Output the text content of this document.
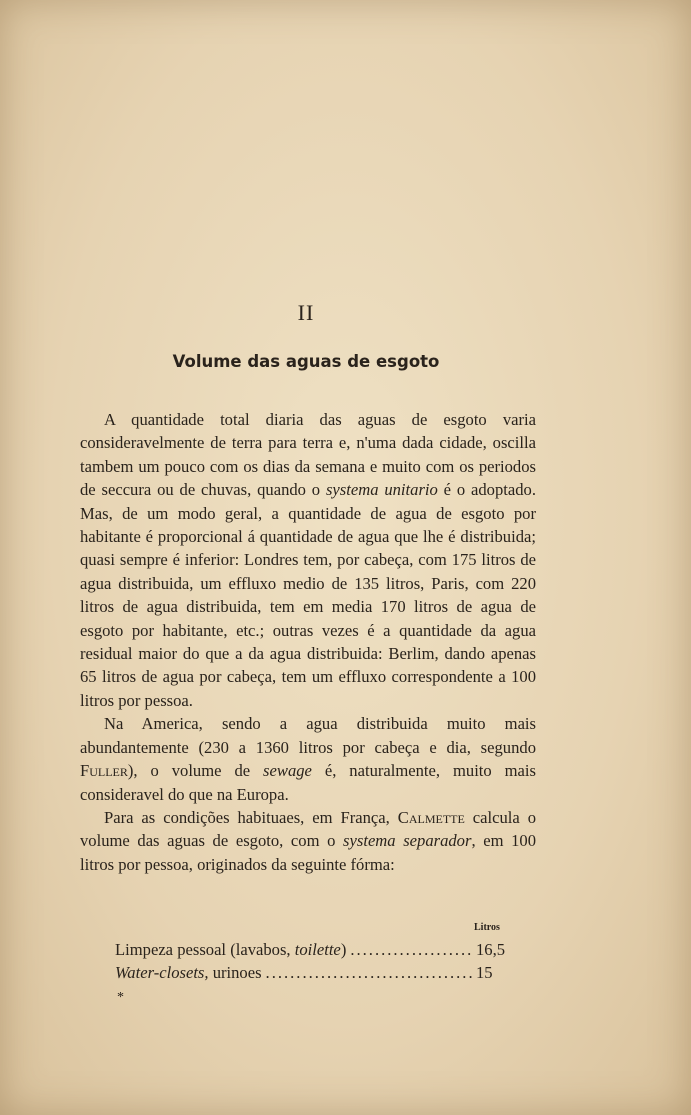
II
Volume das aguas de esgoto

A quantidade total diaria das aguas de esgoto varia consideravelmente de terra para terra e, n'uma dada cidade, oscilla tambem um pouco com os dias da semana e muito com os periodos de seccura ou de chuvas, quando o systema unitario é o adoptado. Mas, de um modo geral, a quantidade de agua de esgoto por habitante é proporcional á quantidade de agua que lhe é distribuida; quasi sempre é inferior: Londres tem, por cabeça, com 175 litros de agua distribuida, um effluxo medio de 135 litros, Paris, com 220 litros de agua distribuida, tem em media 170 litros de agua de esgoto por habitante, etc.; outras vezes é a quantidade da agua residual maior do que a da agua distribuida: Berlim, dando apenas 65 litros de agua por cabeça, tem um effluxo correspondente a 100 litros por pessoa.

Na America, sendo a agua distribuida muito mais abundantemente (230 a 1360 litros por cabeça e dia, segundo Fuller), o volume de sewage é, naturalmente, muito mais consideravel do que na Europa.

Para as condições habituaes, em França, Calmette calcula o volume das aguas de esgoto, com o systema separador, em 100 litros por pessoa, originados da seguinte fórma:

Litros
Limpeza pessoal (lavabos, toilette) .....	16,5
Water-closets, urinoes .....	15
*
